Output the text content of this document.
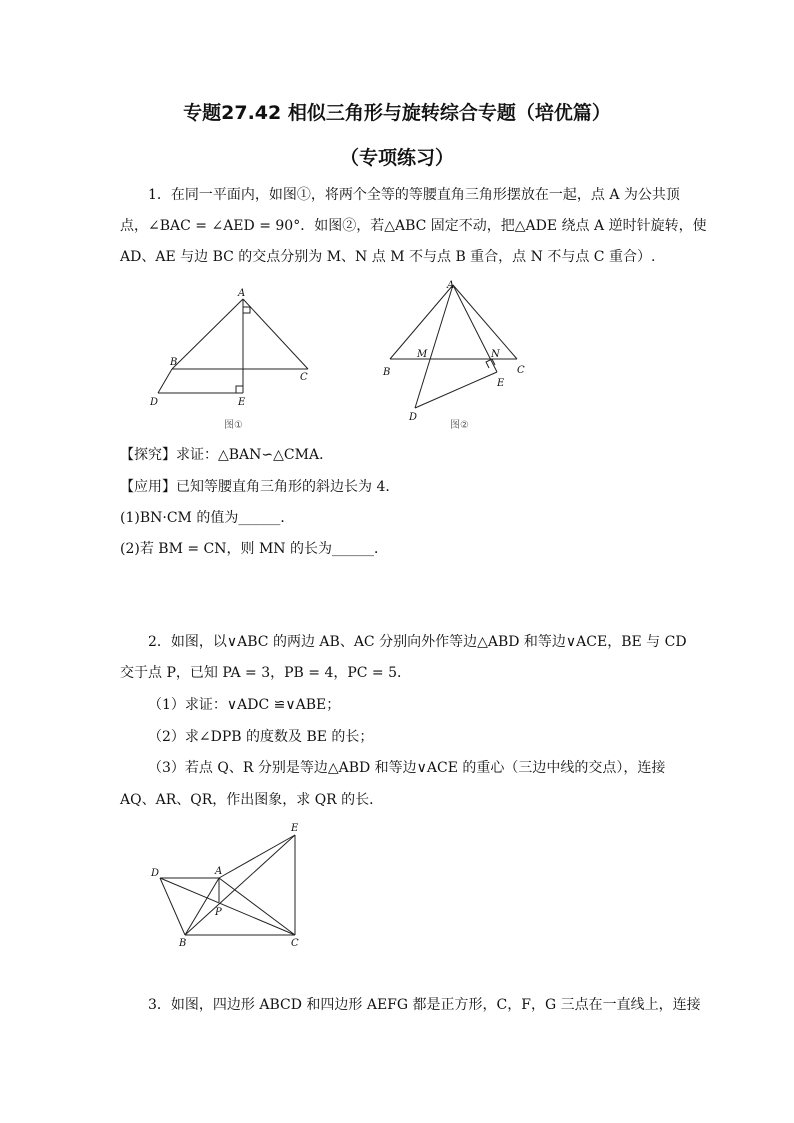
专题27.42 相似三角形与旋转综合专题（培优篇）
（专项练习）
1．在同一平面内，如图①，将两个全等的等腰直角三角形摆放在一起，点 A 为公共顶
点，∠BAC = ∠AED = 90°．如图②，若△ABC 固定不动，把△ADE 绕点 A 逆时针旋转，使
AD、AE 与边 BC 的交点分别为 M、N 点 M 不与点 B 重合，点 N 不与点 C 重合）.
A
B
C
D	E
图①
A
B	C
D
E
M	N
图②
【探究】求证：△BAN∽△CMA．
【应用】已知等腰直角三角形的斜边长为 4．
(1)BN·CM 的值为______．
(2)若 BM = CN，则 MN 的长为______．
2．如图，以∨ABC 的两边 AB、AC 分别向外作等边△ABD 和等边∨ACE，BE 与 CD
交于点 P，已知 PA = 3，PB = 4，PC = 5．
（1）求证：∨ADC ≌∨ABE；
（2）求∠DPB 的度数及 BE 的长；
（3）若点 Q、R 分别是等边△ABD 和等边∨ACE 的重心（三边中线的交点），连接
AQ、AR、QR，作出图象，求 QR 的长．
D	A
B	C
E
P
3．如图，四边形 ABCD 和四边形 AEFG 都是正方形，C，F，G 三点在一直线上，连接
